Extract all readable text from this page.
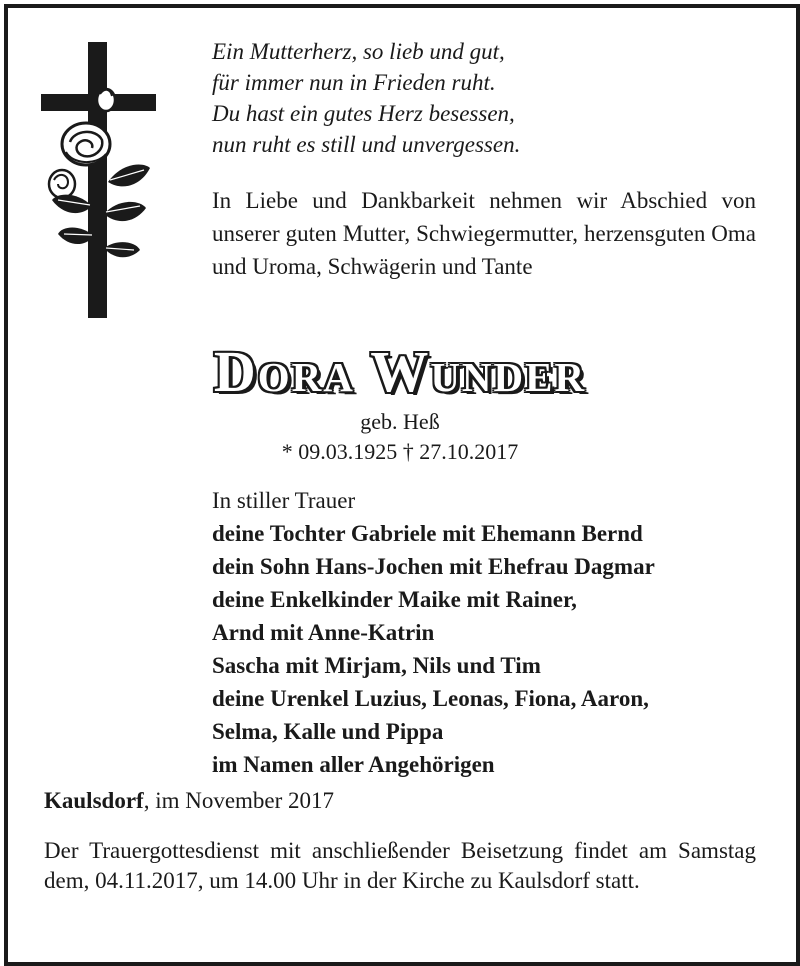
Ein Mutterherz, so lieb und gut,
für immer nun in Frieden ruht.
Du hast ein gutes Herz besessen,
nun ruht es still und unvergessen.
In Liebe und Dankbarkeit nehmen wir Abschied von unserer guten Mutter, Schwiegermutter, herzensguten Oma und Uroma, Schwägerin und Tante
Dora Wunder
geb. Heß
* 09.03.1925 † 27.10.2017
In stiller Trauer
deine Tochter Gabriele mit Ehemann Bernd
dein Sohn Hans-Jochen mit Ehefrau Dagmar
deine Enkelkinder Maike mit Rainer,
Arnd mit Anne-Katrin
Sascha mit Mirjam, Nils und Tim
deine Urenkel Luzius, Leonas, Fiona, Aaron,
Selma, Kalle und Pippa
im Namen aller Angehörigen
Kaulsdorf, im November 2017
Der Trauergottesdienst mit anschließender Beisetzung findet am Samstag dem, 04.11.2017, um 14.00 Uhr in der Kirche zu Kaulsdorf statt.
